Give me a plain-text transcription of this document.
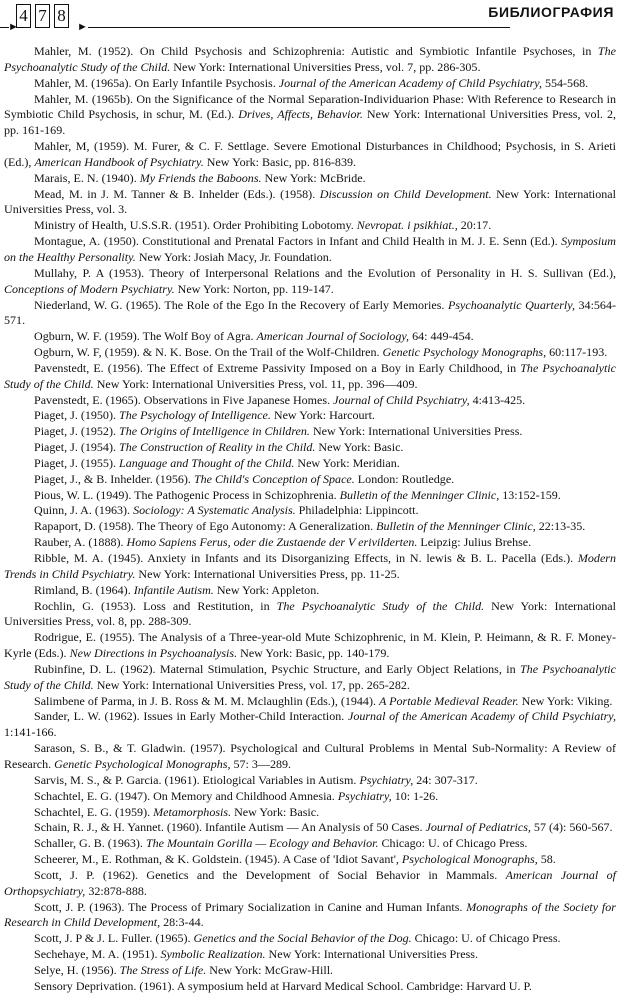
►
4 7 8
►
БИБЛИОГРАФИЯ

Mahler, M. (1952). On Child Psychosis and Schizophrenia: Autistic and Symbiotic Infantile Psychoses, in The Psychoanalytic Study of the Child. New York: International Universities Press, vol. 7, pp. 286-305.

Mahler, M. (1965a). On Early Infantile Psychosis. Journal of the American Academy of Child Psychiatry, 554-568.

Mahler, M. (1965b). On the Significance of the Normal Separation-Individuarion Phase: With Reference to Research in Symbiotic Child Psychosis, in schur, M. (Ed.). Drives, Affects, Behavior. New York: International Universities Press, vol. 2, pp. 161-169.

Mahler, M, (1959). M. Furer, & C. F. Settlage. Severe Emotional Disturbances in Childhood; Psychosis, in S. Arieti (Ed.), American Handbook of Psychiatry. New York: Basic, pp. 816-839.

Marais, E. N. (1940). My Friends the Baboons. New York: McBride.

Mead, M. in J. M. Tanner & B. Inhelder (Eds.). (1958). Discussion on Child Development. New York: International Universities Press, vol. 3.

Ministry of Health, U.S.S.R. (1951). Order Prohibiting Lobotomy. Nevropat. i psikhiat., 20:17.

Montague, A. (1950). Constitutional and Prenatal Factors in Infant and Child Health in M. J. E. Senn (Ed.). Symposium on the Healthy Personality. New York: Josiah Macy, Jr. Foundation.

Mullahy, P. A (1953). Theory of Interpersonal Relations and the Evolution of Personality in H. S. Sullivan (Ed.), Conceptions of Modern Psychiatry. New York: Norton, pp. 119-147.

Niederland, W. G. (1965). The Role of the Ego In the Recovery of Early Memories. Psychoanalytic Quarterly, 34:564-571.

Ogburn, W. F. (1959). The Wolf Boy of Agra. American Journal of Sociology, 64: 449-454.

Ogburn, W. F, (1959). & N. K. Bose. On the Trail of the Wolf-Children. Genetic Psychology Monographs, 60:117-193.

Pavenstedt, E. (1956). The Effect of Extreme Passivity Imposed on a Boy in Early Childhood, in The Psychoanalytic Study of the Child. New York: International Universities Press, vol. 11, pp. 396—409.

Pavenstedt, E. (1965). Observations in Five Japanese Homes. Journal of Child Psychiatry, 4:413-425.

Piaget, J. (1950). The Psychology of Intelligence. New York: Harcourt.

Piaget, J. (1952). The Origins of Intelligence in Children. New York: International Universities Press.

Piaget, J. (1954). The Construction of Reality in the Child. New York: Basic.

Piaget, J. (1955). Language and Thought of the Child. New York: Meridian.

Piaget, J., & B. Inhelder. (1956). The Child's Conception of Space. London: Routledge.

Pious, W. L. (1949). The Pathogenic Process in Schizophrenia. Bulletin of the Menninger Clinic, 13:152-159.

Quinn, J. A. (1963). Sociology: A Systematic Analysis. Philadelphia: Lippincott.

Rapaport, D. (1958). The Theory of Ego Autonomy: A Generalization. Bulletin of the Menninger Clinic, 22:13-35.

Rauber, A. (1888). Homo Sapiens Ferus, oder die Zustaende der V erivilderten. Leipzig: Julius Brehse.

Ribble, M. A. (1945). Anxiety in Infants and its Disorganizing Effects, in N. lewis & B. L. Pacella (Eds.). Modern Trends in Child Psychiatry. New York: International Universities Press, pp. 11-25.

Rimland, B. (1964). Infantile Autism. New York: Appleton.

Rochlin, G. (1953). Loss and Restitution, in The Psychoanalytic Study of the Child. New York: International Universities Press, vol. 8, pp. 288-309.

Rodrigue, E. (1955). The Analysis of a Three-year-old Mute Schizophrenic, in M. Klein, P. Heimann, & R. F. Money-Kyrle (Eds.). New Directions in Psychoanalysis. New York: Basic, pp. 140-179.

Rubinfine, D. L. (1962). Maternal Stimulation, Psychic Structure, and Early Object Relations, in The Psychoanalytic Study of the Child. New York: International Universities Press, vol. 17, pp. 265-282.

Salimbene of Parma, in J. B. Ross & M. M. Mclaughlin (Eds.), (1944). A Portable Medieval Reader. New York: Viking.

Sander, L. W. (1962). Issues in Early Mother-Child Interaction. Journal of the American Academy of Child Psychiatry, 1:141-166.

Sarason, S. B., & T. Gladwin. (1957). Psychological and Cultural Problems in Mental Sub-Normality: A Review of Research. Genetic Psychological Monographs, 57: 3—289.

Sarvis, M. S., & P. Garcia. (1961). Etiological Variables in Autism. Psychiatry, 24: 307-317.

Schachtel, E. G. (1947). On Memory and Childhood Amnesia. Psychiatry, 10: 1-26.

Schachtel, E. G. (1959). Metamorphosis. New York: Basic.

Schain, R. J., & H. Yannet. (1960). Infantile Autism — An Analysis of 50 Cases. Journal of Pediatrics, 57 (4): 560-567.

Schaller, G. B. (1963). The Mountain Gorilla — Ecology and Behavior. Chicago: U. of Chicago Press.

Scheerer, M., E. Rothman, & K. Goldstein. (1945). A Case of 'Idiot Savant', Psychological Monographs, 58.

Scott, J. P. (1962). Genetics and the Development of Social Behavior in Mammals. American Journal of Orthopsychiatry, 32:878-888.

Scott, J. P. (1963). The Process of Primary Socialization in Canine and Human Infants. Monographs of the Society for Research in Child Development, 28:3-44.

Scott, J. P & J. L. Fuller. (1965). Genetics and the Social Behavior of the Dog. Chicago: U. of Chicago Press.

Sechehaye, M. A. (1951). Symbolic Realization. New York: International Universities Press.

Selye, H. (1956). The Stress of Life. New York: McGraw-Hill.

Sensory Deprivation. (1961). A symposium held at Harvard Medical School. Cambridge: Harvard U. P.
